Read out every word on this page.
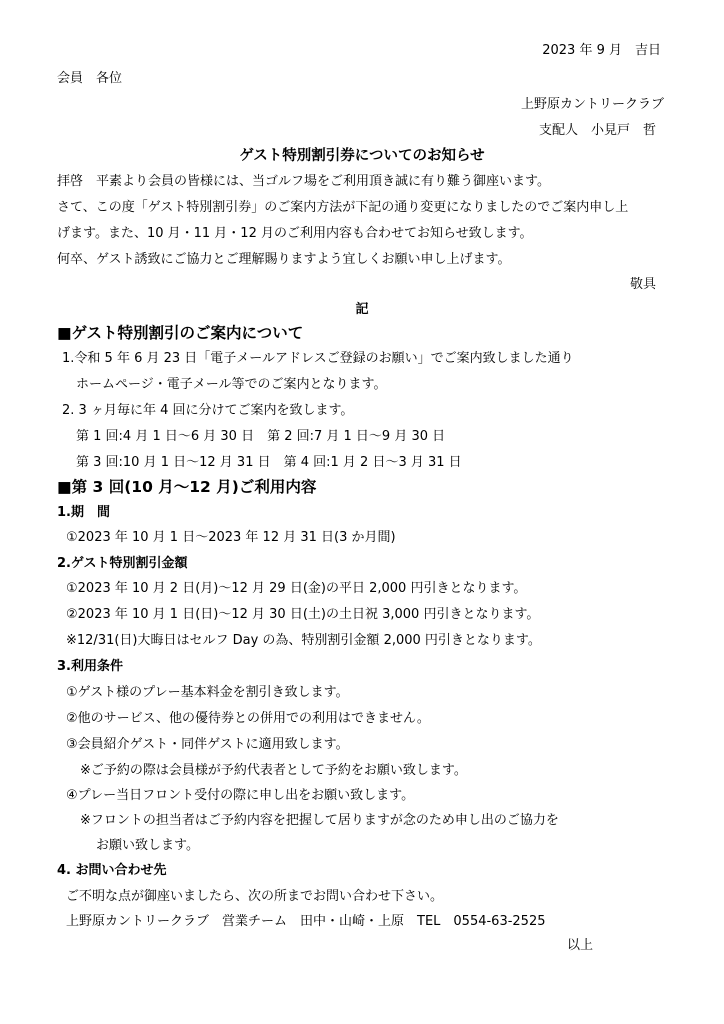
2023 年 9 月　吉日
会員　各位
上野原カントリークラブ
支配人　小見戸　哲
ゲスト特別割引券についてのお知らせ
拝啓　平素より会員の皆様には、当ゴルフ場をご利用頂き誠に有り難う御座います。
さて、この度「ゲスト特別割引券」のご案内方法が下記の通り変更になりましたのでご案内申し上
げます。また、10 月・11 月・12 月のご利用内容も合わせてお知らせ致します。
何卒、ゲスト誘致にご協力とご理解賜りますよう宜しくお願い申し上げます。
敬具
記
■ゲスト特別割引のご案内について
1.令和 5 年 6 月 23 日「電子メールアドレスご登録のお願い」でご案内致しました通り
ホームページ・電子メール等でのご案内となります。
2. 3 ヶ月毎に年 4 回に分けてご案内を致します。
第 1 回:4 月 1 日～6 月 30 日　第 2 回:7 月 1 日～9 月 30 日
第 3 回:10 月 1 日～12 月 31 日　第 4 回:1 月 2 日～3 月 31 日
■第 3 回(10 月～12 月)ご利用内容
1.期　間
①2023 年 10 月 1 日～2023 年 12 月 31 日(3 か月間)
2.ゲスト特別割引金額
①2023 年 10 月 2 日(月)～12 月 29 日(金)の平日 2,000 円引きとなります。
②2023 年 10 月 1 日(日)～12 月 30 日(土)の土日祝 3,000 円引きとなります。
※12/31(日)大晦日はセルフ Day の為、特別割引金額 2,000 円引きとなります。
3.利用条件
①ゲスト様のプレー基本料金を割引き致します。
②他のサービス、他の優待券との併用での利用はできません。
③会員紹介ゲスト・同伴ゲストに適用致します。
※ご予約の際は会員様が予約代表者として予約をお願い致します。
④プレー当日フロント受付の際に申し出をお願い致します。
※フロントの担当者はご予約内容を把握して居りますが念のため申し出のご協力を
お願い致します。
4. お問い合わせ先
ご不明な点が御座いましたら、次の所までお問い合わせ下さい。
上野原カントリークラブ　営業チーム　田中・山崎・上原　TEL　0554-63-2525
以上
